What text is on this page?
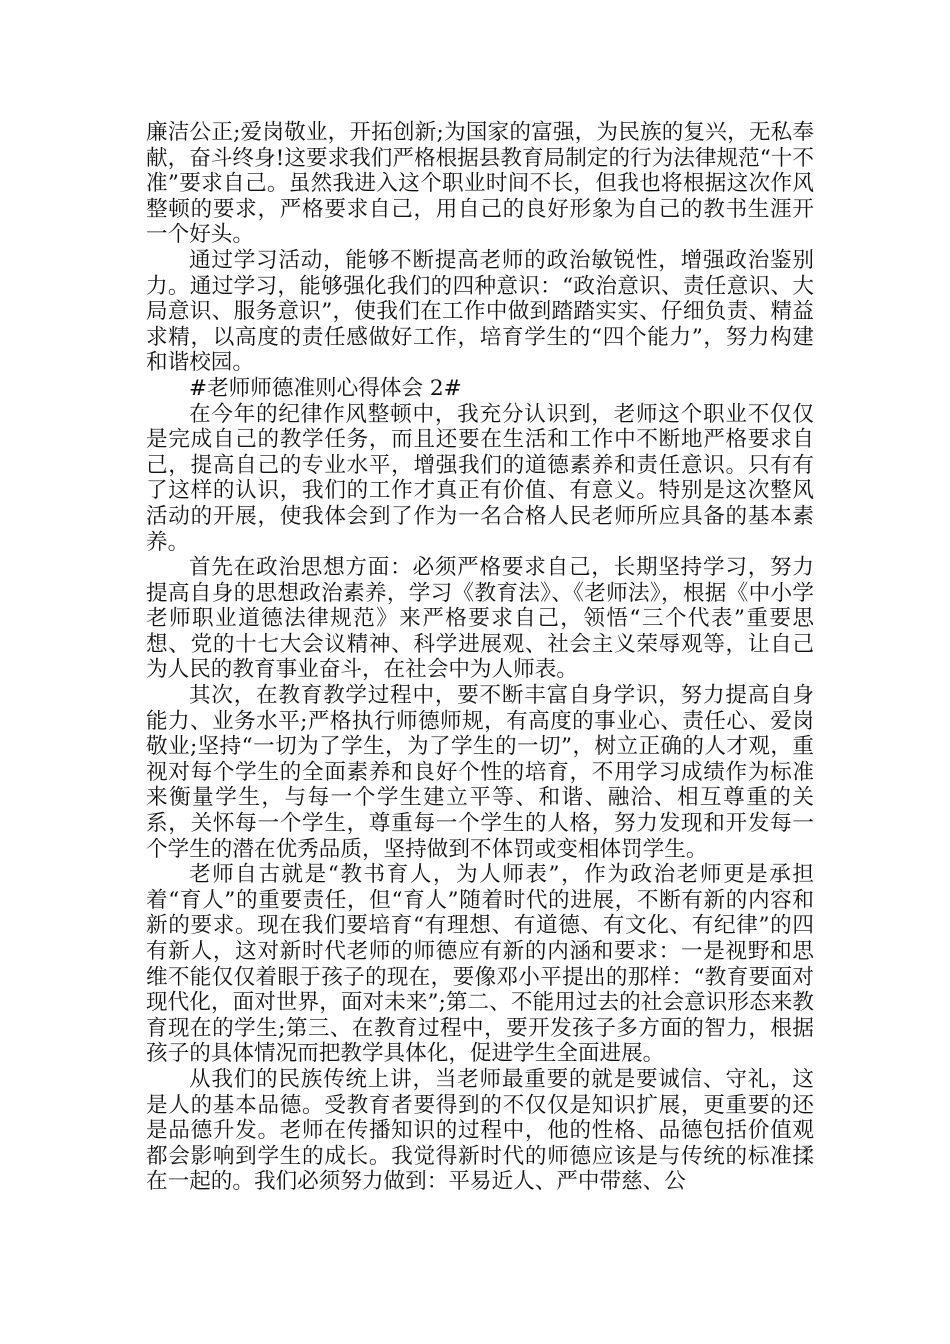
廉洁公正;爱岗敬业，开拓创新;为国家的富强，为民族的复兴，无私奉献，奋斗终身!这要求我们严格根据县教育局制定的行为法律规范“十不准”要求自己。虽然我进入这个职业时间不长，但我也将根据这次作风整顿的要求，严格要求自己，用自己的良好形象为自己的教书生涯开一个好头。

通过学习活动，能够不断提高老师的政治敏锐性，增强政治鉴别力。通过学习，能够强化我们的四种意识：“政治意识、责任意识、大局意识、服务意识”，使我们在工作中做到踏踏实实、仔细负责、精益求精，以高度的责任感做好工作，培育学生的“四个能力”，努力构建和谐校园。

#老师师德准则心得体会 2#

在今年的纪律作风整顿中，我充分认识到，老师这个职业不仅仅是完成自己的教学任务，而且还要在生活和工作中不断地严格要求自己，提高自己的专业水平，增强我们的道德素养和责任意识。只有有了这样的认识，我们的工作才真正有价值、有意义。特别是这次整风活动的开展，使我体会到了作为一名合格人民老师所应具备的基本素养。

首先在政治思想方面：必须严格要求自己，长期坚持学习，努力提高自身的思想政治素养，学习《教育法》、《老师法》，根据《中小学老师职业道德法律规范》来严格要求自己，领悟“三个代表”重要思想、党的十七大会议精神、科学进展观、社会主义荣辱观等，让自己为人民的教育事业奋斗，在社会中为人师表。

其次，在教育教学过程中，要不断丰富自身学识，努力提高自身能力、业务水平;严格执行师德师规，有高度的事业心、责任心、爱岗敬业;坚持“一切为了学生，为了学生的一切”，树立正确的人才观，重视对每个学生的全面素养和良好个性的培育，不用学习成绩作为标准来衡量学生，与每一个学生建立平等、和谐、融洽、相互尊重的关系，关怀每一个学生，尊重每一个学生的人格，努力发现和开发每一个学生的潜在优秀品质，坚持做到不体罚或变相体罚学生。

老师自古就是“教书育人，为人师表”，作为政治老师更是承担着“育人”的重要责任，但“育人”随着时代的进展，不断有新的内容和新的要求。现在我们要培育“有理想、有道德、有文化、有纪律”的四有新人，这对新时代老师的师德应有新的内涵和要求：一是视野和思维不能仅仅着眼于孩子的现在，要像邓小平提出的那样：“教育要面对现代化，面对世界，面对未来”;第二、不能用过去的社会意识形态来教育现在的学生;第三、在教育过程中，要开发孩子多方面的智力，根据孩子的具体情况而把教学具体化，促进学生全面进展。

从我们的民族传统上讲，当老师最重要的就是要诚信、守礼，这是人的基本品德。受教育者要得到的不仅仅是知识扩展，更重要的还是品德升发。老师在传播知识的过程中，他的性格、品德包括价值观都会影响到学生的成长。我觉得新时代的师德应该是与传统的标准揉在一起的。我们必须努力做到：平易近人、严中带慈、公
